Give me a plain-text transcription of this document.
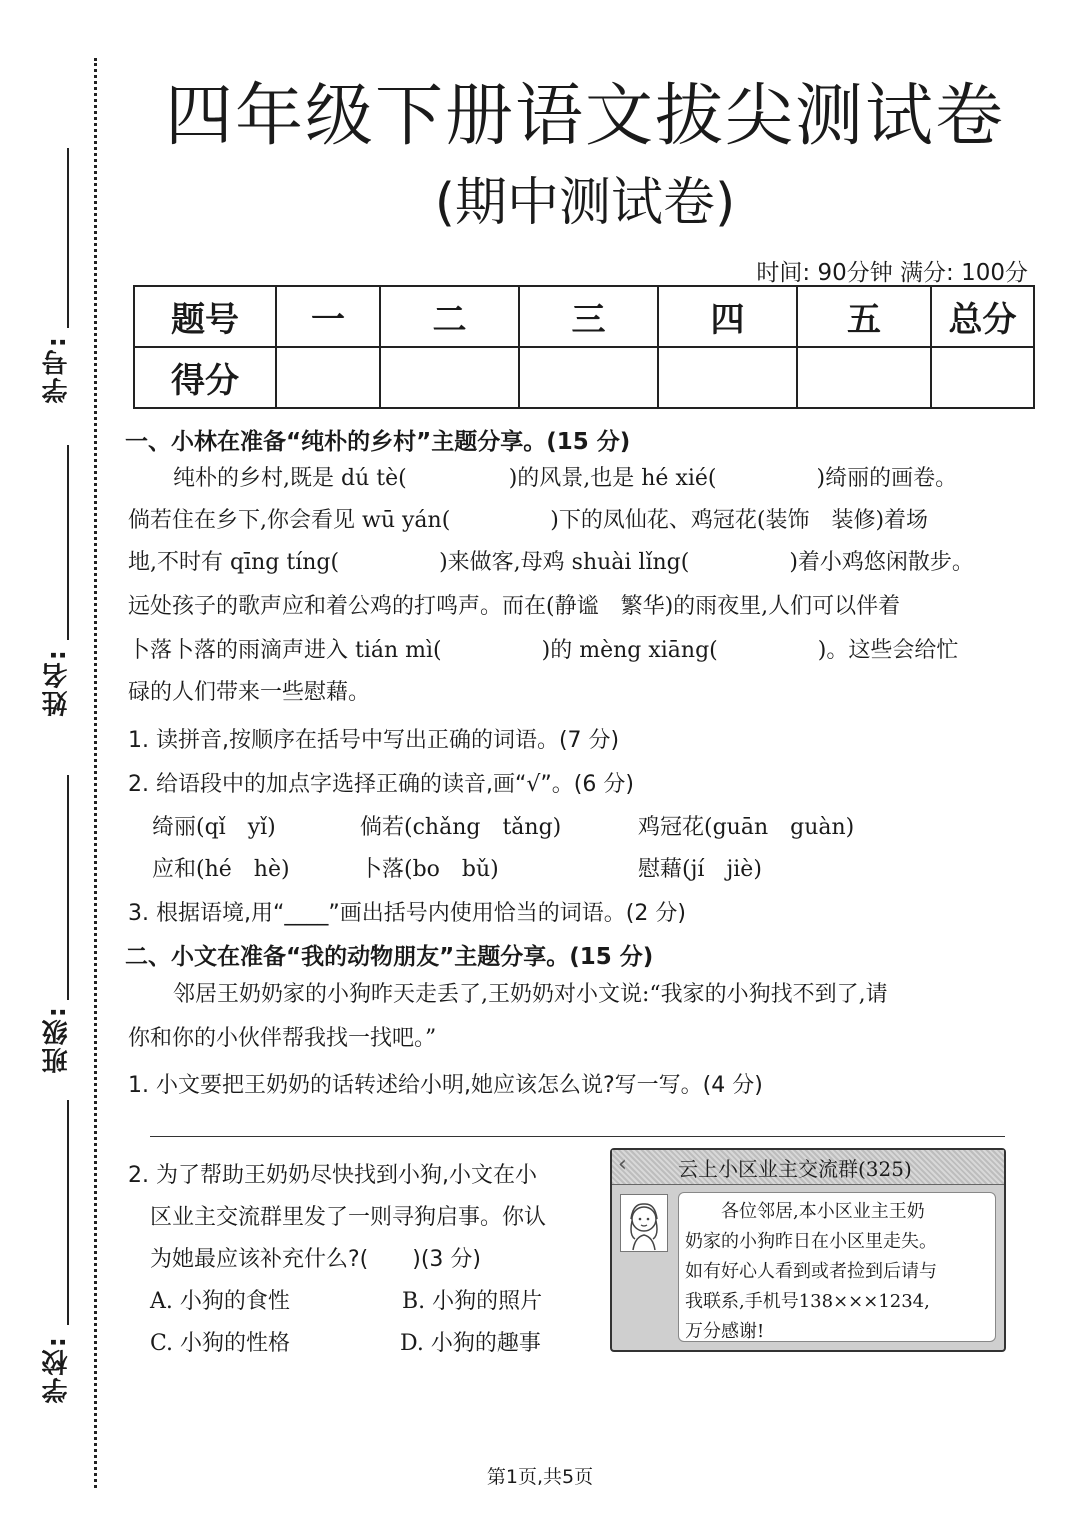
学号:
姓名:
班级:
学校:
四年级下册语文拔尖测试卷
(期中测试卷)
时间: 90分钟 满分: 100分
题号	一	二	三	四	五	总分
得分						
一、小林在准备“纯朴的乡村”主题分享。(15 分)
纯朴的乡村,既是 dú tè(	)的风景,也是 hé xié(	)绮丽的画卷。

倘若住在乡下,你会看见 wū yán(	)下的凤仙花、鸡冠花(装饰　装修)着场
地,不时有 qīng tíng(	)来做客,母鸡 shuài lǐng(	)着小鸡悠闲散步。
远处孩子的歌声应和着公鸡的打鸣声。而在(静谧　繁华)的雨夜里,人们可以伴着
卜落卜落的雨滴声进入 tián mì(	)的 mèng xiāng(	)。这些会给忙
碌的人们带来一些慰藉。
1. 读拼音,按顺序在括号中写出正确的词语。(7 分)
2. 给语段中的加点字选择正确的读音,画“√”。(6 分)
绮丽(qǐ　yǐ)	倘若(chǎng　tǎng)	鸡冠花(guān　guàn)
应和(hé　hè)	卜落(bo　bǔ)	慰藉(jí　jiè)
3. 根据语境,用“____”画出括号内使用恰当的词语。(2 分)
二、小文在准备“我的动物朋友”主题分享。(15 分)
邻居王奶奶家的小狗昨天走丢了,王奶奶对小文说:“我家的小狗找不到了,请
你和你的小伙伴帮我找一找吧。”
1. 小文要把王奶奶的话转述给小明,她应该怎么说?写一写。(4 分)
2. 为了帮助王奶奶尽快找到小狗,小文在小
区业主交流群里发了一则寻狗启事。你认
为她最应该补充什么?(　　)(3 分)
A. 小狗的食性	B. 小狗的照片
C. 小狗的性格	D. 小狗的趣事
‹	云上小区业主交流群(325)
各位邻居,本小区业主王奶
奶家的小狗昨日在小区里走失。
如有好心人看到或者捡到后请与
我联系,手机号138×××1234,
万分感谢!
第1页,共5页
